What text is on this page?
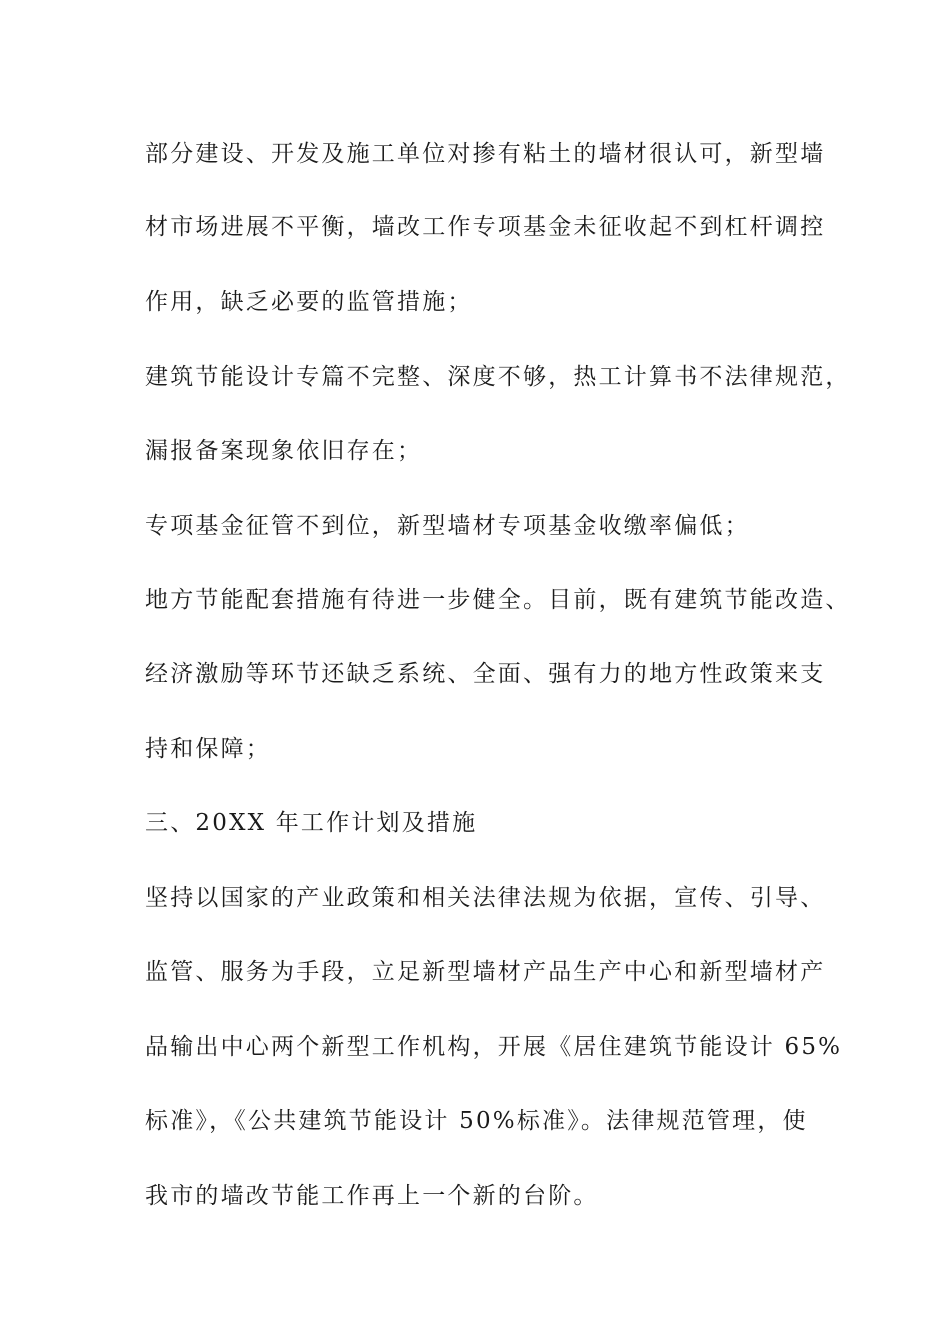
部分建设、开发及施工单位对掺有粘土的墙材很认可，新型墙
材市场进展不平衡，墙改工作专项基金未征收起不到杠杆调控
作用，缺乏必要的监管措施；
建筑节能设计专篇不完整、深度不够，热工计算书不法律规范，
漏报备案现象依旧存在；
专项基金征管不到位，新型墙材专项基金收缴率偏低；
地方节能配套措施有待进一步健全。目前，既有建筑节能改造、
经济激励等环节还缺乏系统、全面、强有力的地方性政策来支
持和保障；
三、20XX 年工作计划及措施
坚持以国家的产业政策和相关法律法规为依据，宣传、引导、
监管、服务为手段，立足新型墙材产品生产中心和新型墙材产
品输出中心两个新型工作机构，开展《居住建筑节能设计 65%
标准》，《公共建筑节能设计 50%标准》。法律规范管理，使
我市的墙改节能工作再上一个新的台阶。
